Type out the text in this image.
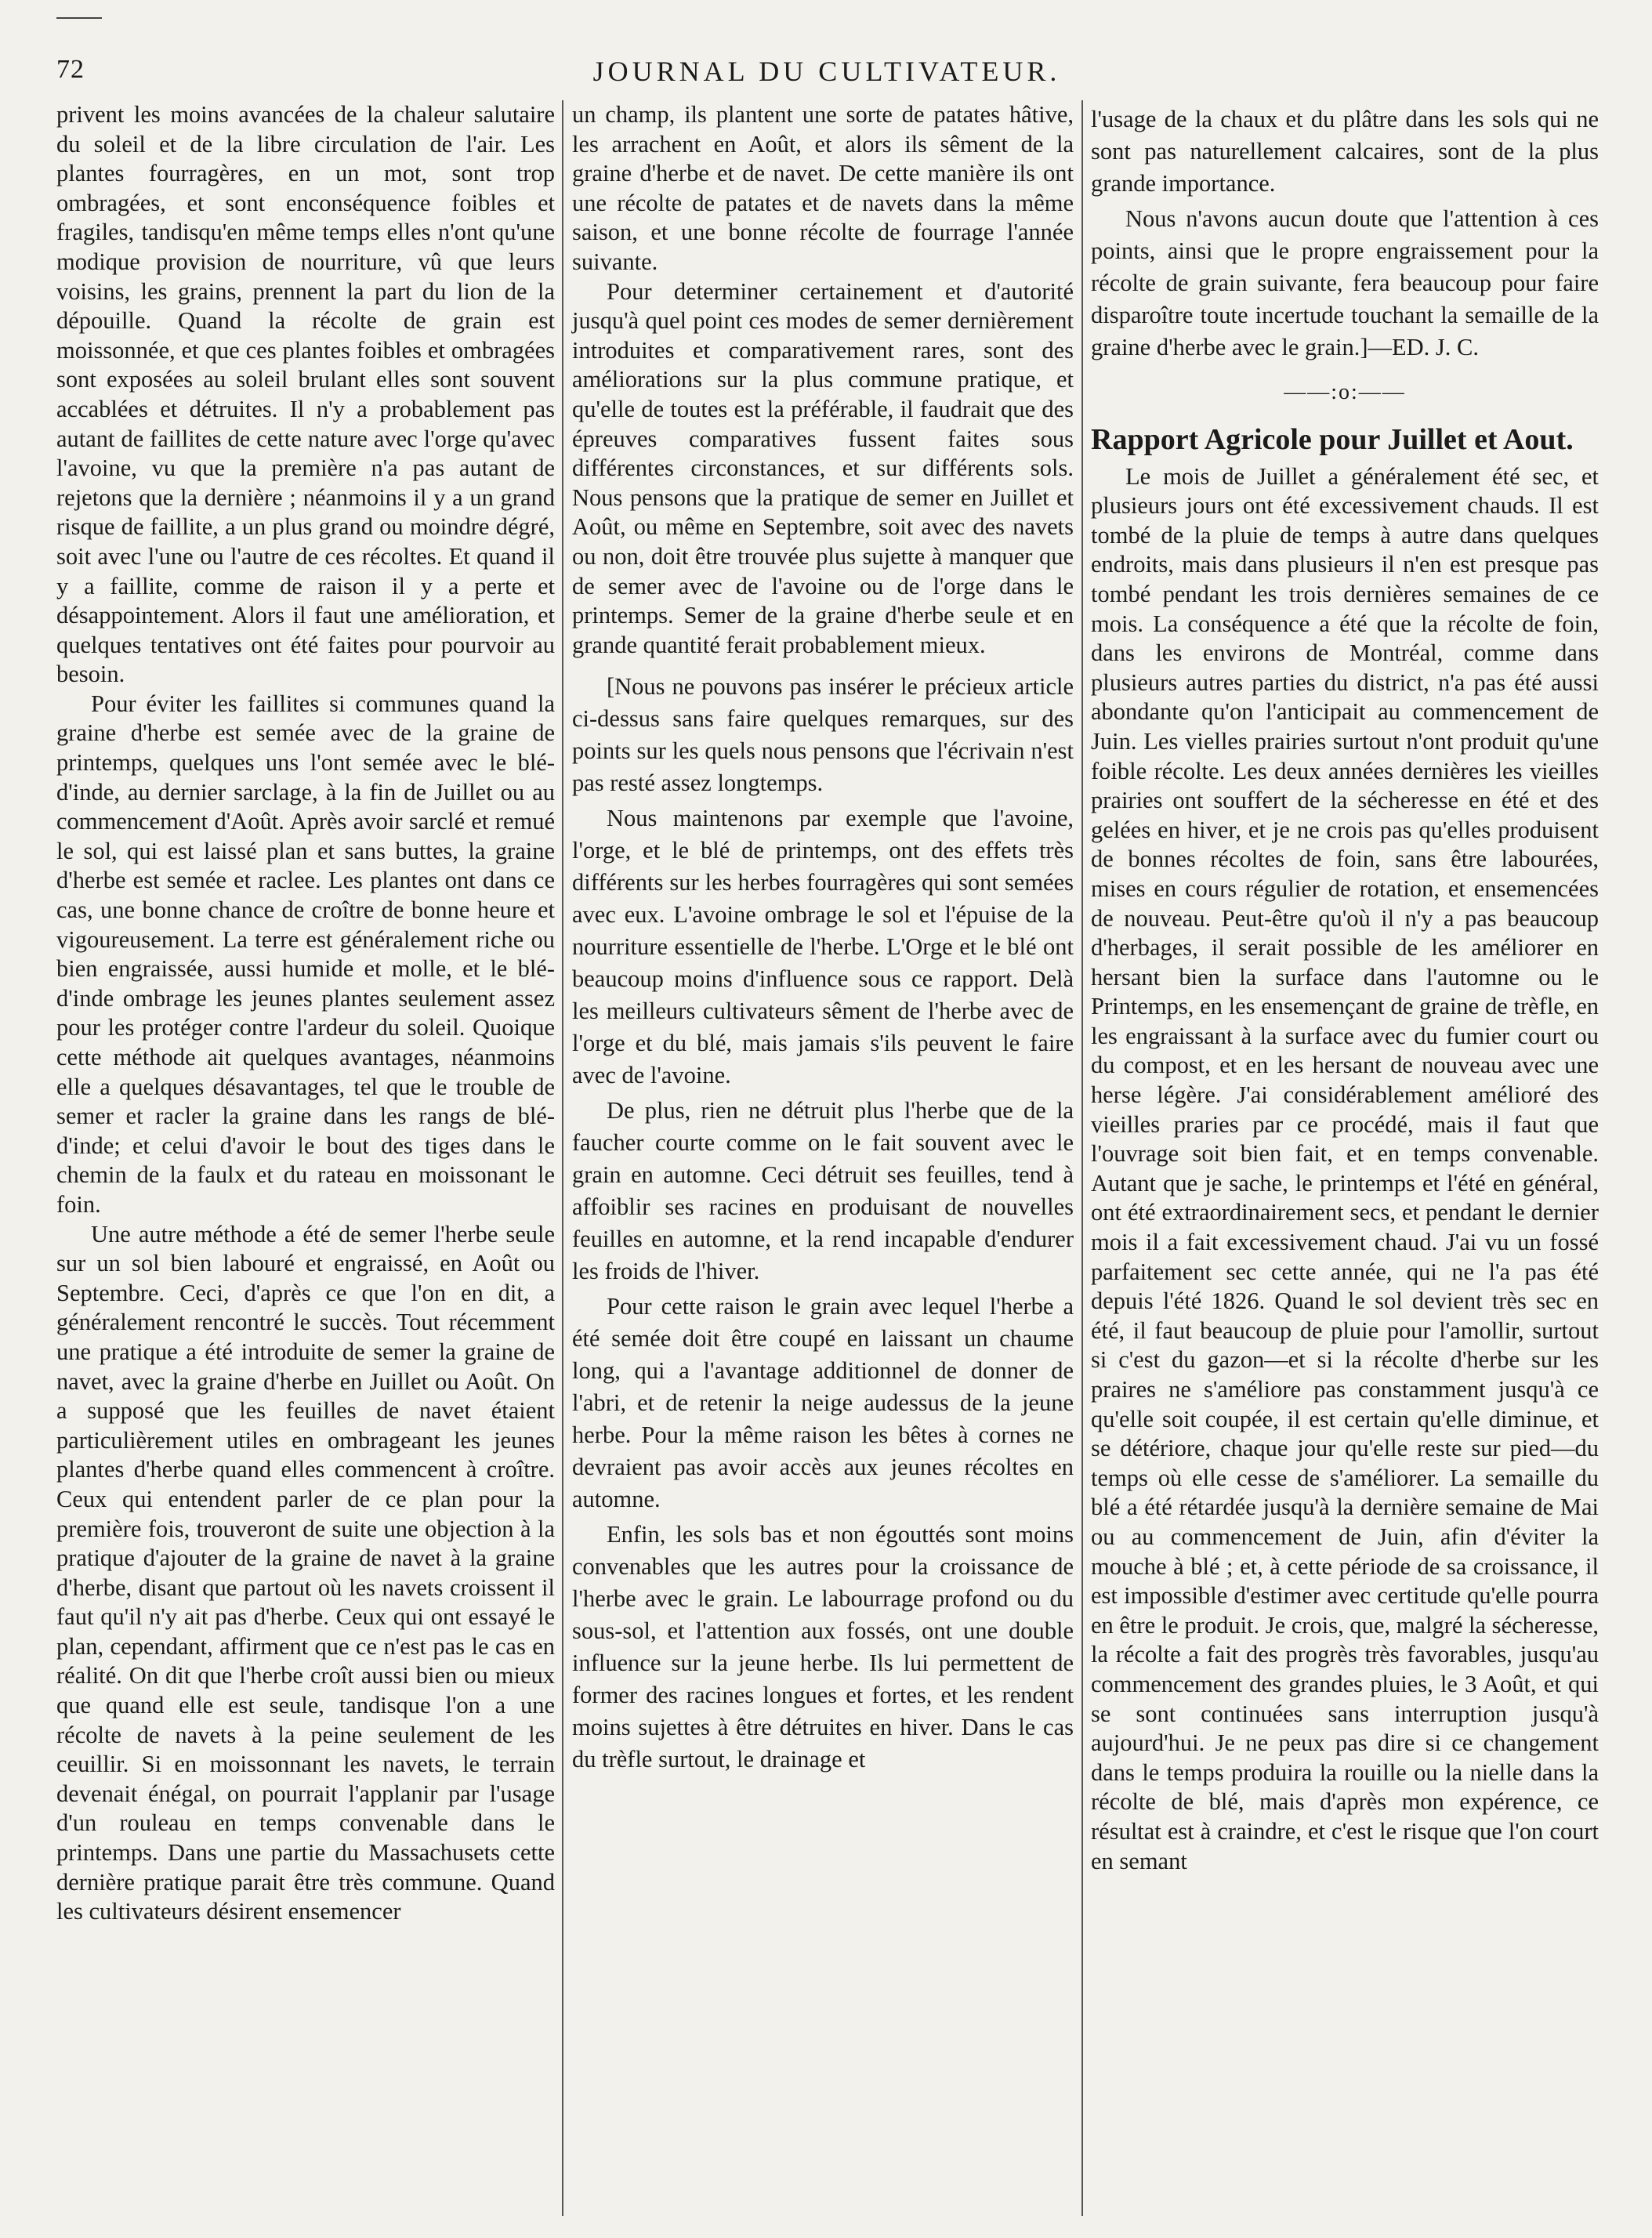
72	JOURNAL DU CULTIVATEUR.

privent les moins avancées de la chaleur salutaire du soleil et de la libre circulation de l'air. Les plantes fourragères, en un mot, sont trop ombragées, et sont enconséquence foibles et fragiles, tandisqu'en même temps elles n'ont qu'une modique provision de nourriture, vû que leurs voisins, les grains, prennent la part du lion de la dépouille. Quand la récolte de grain est moissonnée, et que ces plantes foibles et ombragées sont exposées au soleil brulant elles sont souvent accablées et détruites. Il n'y a probablement pas autant de faillites de cette nature avec l'orge qu'avec l'avoine, vu que la première n'a pas autant de rejetons que la dernière ; néanmoins il y a un grand risque de faillite, a un plus grand ou moindre dégré, soit avec l'une ou l'autre de ces récoltes. Et quand il y a faillite, comme de raison il y a perte et désappointement. Alors il faut une amélioration, et quelques tentatives ont été faites pour pourvoir au besoin.

Pour éviter les faillites si communes quand la graine d'herbe est semée avec de la graine de printemps, quelques uns l'ont semée avec le blé-d'inde, au dernier sarclage, à la fin de Juillet ou au commencement d'Août. Après avoir sarclé et remué le sol, qui est laissé plan et sans buttes, la graine d'herbe est semée et raclee. Les plantes ont dans ce cas, une bonne chance de croître de bonne heure et vigoureusement. La terre est généralement riche ou bien engraissée, aussi humide et molle, et le blé-d'inde ombrage les jeunes plantes seulement assez pour les protéger contre l'ardeur du soleil. Quoique cette méthode ait quelques avantages, néanmoins elle a quelques désavantages, tel que le trouble de semer et racler la graine dans les rangs de blé-d'inde; et celui d'avoir le bout des tiges dans le chemin de la faulx et du rateau en moissonant le foin.

Une autre méthode a été de semer l'herbe seule sur un sol bien labouré et engraissé, en Août ou Septembre. Ceci, d'après ce que l'on en dit, a généralement rencontré le succès. Tout récemment une pratique a été introduite de semer la graine de navet, avec la graine d'herbe en Juillet ou Août. On a supposé que les feuilles de navet étaient particulièrement utiles en ombrageant les jeunes plantes d'herbe quand elles commencent à croître. Ceux qui entendent parler de ce plan pour la première fois, trouveront de suite une objection à la pratique d'ajouter de la graine de navet à la graine d'herbe, disant que partout où les navets croissent il faut qu'il n'y ait pas d'herbe. Ceux qui ont essayé le plan, cependant, affirment que ce n'est pas le cas en réalité. On dit que l'herbe croît aussi bien ou mieux que quand elle est seule, tandisque l'on a une récolte de navets à la peine seulement de les ceuillir. Si en moissonnant les navets, le terrain devenait énégal, on pourrait l'applanir par l'usage d'un rouleau en temps convenable dans le printemps. Dans une partie du Massachusets cette dernière pratique parait être très commune. Quand les cultivateurs désirent ensemencer

un champ, ils plantent une sorte de patates hâtive, les arrachent en Août, et alors ils sêment de la graine d'herbe et de navet. De cette manière ils ont une récolte de patates et de navets dans la même saison, et une bonne récolte de fourrage l'année suivante.

Pour determiner certainement et d'autorité jusqu'à quel point ces modes de semer dernièrement introduites et comparativement rares, sont des améliorations sur la plus commune pratique, et qu'elle de toutes est la préférable, il faudrait que des épreuves comparatives fussent faites sous différentes circonstances, et sur différents sols. Nous pensons que la pratique de semer en Juillet et Août, ou même en Septembre, soit avec des navets ou non, doit être trouvée plus sujette à manquer que de semer avec de l'avoine ou de l'orge dans le printemps. Semer de la graine d'herbe seule et en grande quantité ferait probablement mieux.

[Nous ne pouvons pas insérer le précieux article ci-dessus sans faire quelques remarques, sur des points sur les quels nous pensons que l'écrivain n'est pas resté assez longtemps.

Nous maintenons par exemple que l'avoine, l'orge, et le blé de printemps, ont des effets très différents sur les herbes fourragères qui sont semées avec eux. L'avoine ombrage le sol et l'épuise de la nourriture essentielle de l'herbe. L'Orge et le blé ont beaucoup moins d'influence sous ce rapport. Delà les meilleurs cultivateurs sêment de l'herbe avec de l'orge et du blé, mais jamais s'ils peuvent le faire avec de l'avoine.

De plus, rien ne détruit plus l'herbe que de la faucher courte comme on le fait souvent avec le grain en automne. Ceci détruit ses feuilles, tend à affoiblir ses racines en produisant de nouvelles feuilles en automne, et la rend incapable d'endurer les froids de l'hiver.

Pour cette raison le grain avec lequel l'herbe a été semée doit être coupé en laissant un chaume long, qui a l'avantage additionnel de donner de l'abri, et de retenir la neige audessus de la jeune herbe. Pour la même raison les bêtes à cornes ne devraient pas avoir accès aux jeunes récoltes en automne.

Enfin, les sols bas et non égouttés sont moins convenables que les autres pour la croissance de l'herbe avec le grain. Le labourrage profond ou du sous-sol, et l'attention aux fossés, ont une double influence sur la jeune herbe. Ils lui permettent de former des racines longues et fortes, et les rendent moins sujettes à être détruites en hiver. Dans le cas du trèfle surtout, le drainage et

l'usage de la chaux et du plâtre dans les sols qui ne sont pas naturellement calcaires, sont de la plus grande importance.

Nous n'avons aucun doute que l'attention à ces points, ainsi que le propre engraissement pour la récolte de grain suivante, fera beaucoup pour faire disparoître toute incertude touchant la semaille de la graine d'herbe avec le grain.]—ED. J. C.

——:o:——
Rapport Agricole pour Juillet et Aout.

Le mois de Juillet a généralement été sec, et plusieurs jours ont été excessivement chauds. Il est tombé de la pluie de temps à autre dans quelques endroits, mais dans plusieurs il n'en est presque pas tombé pendant les trois dernières semaines de ce mois. La conséquence a été que la récolte de foin, dans les environs de Montréal, comme dans plusieurs autres parties du district, n'a pas été aussi abondante qu'on l'anticipait au commencement de Juin. Les vielles prairies surtout n'ont produit qu'une foible récolte. Les deux années dernières les vieilles prairies ont souffert de la sécheresse en été et des gelées en hiver, et je ne crois pas qu'elles produisent de bonnes récoltes de foin, sans être labourées, mises en cours régulier de rotation, et ensemencées de nouveau. Peut-être qu'où il n'y a pas beaucoup d'herbages, il serait possible de les améliorer en hersant bien la surface dans l'automne ou le Printemps, en les ensemençant de graine de trèfle, en les engraissant à la surface avec du fumier court ou du compost, et en les hersant de nouveau avec une herse légère. J'ai considérablement amélioré des vieilles praries par ce procédé, mais il faut que l'ouvrage soit bien fait, et en temps convenable. Autant que je sache, le printemps et l'été en général, ont été extraordinairement secs, et pendant le dernier mois il a fait excessivement chaud. J'ai vu un fossé parfaitement sec cette année, qui ne l'a pas été depuis l'été 1826. Quand le sol devient très sec en été, il faut beaucoup de pluie pour l'amollir, surtout si c'est du gazon—et si la récolte d'herbe sur les praires ne s'améliore pas constamment jusqu'à ce qu'elle soit coupée, il est certain qu'elle diminue, et se détériore, chaque jour qu'elle reste sur pied—du temps où elle cesse de s'améliorer. La semaille du blé a été rétardée jusqu'à la dernière semaine de Mai ou au commencement de Juin, afin d'éviter la mouche à blé ; et, à cette période de sa croissance, il est impossible d'estimer avec certitude qu'elle pourra en être le produit. Je crois, que, malgré la sécheresse, la récolte a fait des progrès très favorables, jusqu'au commencement des grandes pluies, le 3 Août, et qui se sont continuées sans interruption jusqu'à aujourd'hui. Je ne peux pas dire si ce changement dans le temps produira la rouille ou la nielle dans la récolte de blé, mais d'après mon expérence, ce résultat est à craindre, et c'est le risque que l'on court en semant
